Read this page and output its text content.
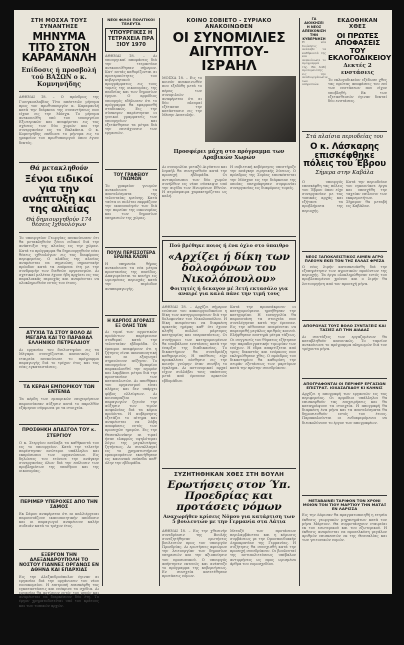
ΣΤΗ ΜΟΣΧΑ ΤΟΥΣ ΣΥΝΑΝΤΗΣΕ
ΜΗΝΥΜΑ ΤΙΤΟ ΣΤΟΝ ΚΑΡΑΜΑΝΛΗ
Επίδοσις ή προσβολή τού ΒΑΣΩΝ ο κ. Κομνηνήδης

ΑΘΗΝΑΙ 18. – Ο πρόεδρος της Γιουγκοσλαβίας Τίτο απέστειλε μήνυμα προς τον πρωθυπουργόν κ. Καραμανλή κατά την διάρκεια της συναντήσεως που είχαν εις την Μόσχα. Το μήνυμα ανεκοινώθη υπό του υπουργείου Εξωτερικών και αναφέρεται εις τας σχέσεις των δύο χωρών και την συνεργασίαν εις τα Βαλκάνια. Ο κ. Κομνηνήδης επέδωσε το μήνυμα εις το γραφείον του πρωθυπουργού όπου έγινε δεκτός.

Θά μετακληθούν
Ξένοι ειδικοί για την ανάπτυξη και της αλιείας
Θά δημιουργηθούν 174 θέσεις Ιχθυολόγων

Το υπουργείον Γεωργίας ανεκοίνωσεν ότι θα μετακληθούν ξένοι ειδικοί διά την ανάπτυξιν της αλιείας εις την χώραν. Κατά το πρόγραμμα θα δημιουργηθούν νέαι θέσεις ιχθυολόγων εις τας διαφόρους περιφερείας. Ο κλάδος της αλιείας αναμένεται να σημειώση σημαντικήν πρόοδον κατά τα επόμενα έτη με την συνδρομήν των διεθνών οργανισμών. Αι σχετικαί μελέται έχουν ήδη αρχίσει εις τας παραλιακάς περιοχάς και αναμένεται να ολοκληρωθούν εντός του έτους.

ΑΤΥΧΙΑ ΤΑ ΣΤΟΥ ΒΟΛΟ ΔΙ ΜΕΓΑΡΑ ΚΑΙ ΤΟ ΠΑΡΑΘΑΛ ΕΛΛΗΝΙΚΟ ΠΕΤΡΕΛΑΙΟΥ

Αι εργασίαι του διυλιστηρίου εις τα Μέγαρα συνεχίζονται κανονικώς. Η εταιρεία ανεκοίνωσε το πρόγραμμα παραγωγής διά το τρέχον έτος και τας νέας εγκαταστάσεις.

ΤΑ ΚΕΡΔΗ ΕΜΠΟΡΙΚΟΥ ΤΩΝ ΕΝΤΕΝΙΑ

Τα κέρδη των εμπορικών επιχειρήσεων παρουσίασαν αύξησιν κατά το παρελθόν εξάμηνον σύμφωνα με τα στοιχεία.

ΠΡΟΣΘΗΚΗ ΑΠΑΣΓΟΛ ΤΟΥ κ. ΣΤΕΡΓΙΟΥ

Ο κ. Στεργίου ανέλαβε τα καθήκοντά του εις το υπουργείον. Κατά την τελετήν παρέστησαν ανώτεροι υπάλληλοι και εκπρόσωποι των οργανώσεων. Εις δηλώσεις του ετόνισε την ανάγκην συνεργασίας όλων διά την επίλυσιν των προβλημάτων της υπαίθρου και της οικονομίας.

ΠΕΡΙΜΕΡ ΥΠΕΡΟΧΕΣ ΑΠΟ ΤΗΝ ΣΑΜΟΣ

Εκ Σάμου αναφέρεται ότι αι καλλιέργειαι παρουσιάζουν ικανοποιητικήν απόδοσιν και οι παραγωγοί αναμένουν καλήν σοδειάν κατά το τρέχον έτος.

ΕΞΕΡΓΟΝ ΤΗΝ ΑΛΕΞΑΝΔΡΟΥΠΟΛΗ ΤΟ ΝΟΣΤΟΥ ΓΙΑΝΝΕΣ ΟΡΓΑΝΩΣ ΕΝ ΑΘΗΝΑ ΚΑΙ ΕΠΑΡΧΙΑΣ

Εις την Αλεξανδρούπολιν έγιναν αι εργασίαι διά την οργάνωσιν του νέου νοσοκομείου. Η επιτροπή επεσκέφθη τας εγκαταστάσεις και ενέκρινε τα σχέδια. Αι εργασίαι θα αρχίσουν εντός του μηνός και αναμένεται να διαρκέσουν δύο έτη. Το έργον χρηματοδοτείται υπό του κράτους και των τοπικών αρχών.

ΝΕΟΙ ΦΙΛΟΙ ΠΟΛΙΤΙΚΟΙ ΤΕΛΕΥΤΑ
ΥΠΟΥΡΓΙΚΕΣ Η ΤΕΤΡΑΧΕΙΑ ΠΡΑ ΞΙΟΥ 1970

ΑΘΗΝΑΙ 18. – Αι υπουργικαί αποφάσεις διά την τετραετίαν ανεκοινώθησαν σήμερον. Κατ' αυτάς καθορίζονται αι προτεραιότητες του κυβερνητικού προγράμματος εις τους τομείς της οικονομίας, της παιδείας και των δημοσίων έργων. Ο αρμόδιος υπουργός εδήλωσεν ότι το πρόγραμμα θα εφαρμοσθή σταδιακώς. Εις την σύσκεψιν παρέστησαν οι γενικοί γραμματείς των υπουργείων και εξετάσθησαν τα μέτρα διά την επιτάχυνσιν των εργασιών.

ΤΟΥ ΓΡΑΦΕΙΟΥ ΓΝΩΜΩΝ

Το γραφείον γνωμών ανεκοίνωσε τα αποτελέσματα της τελευταίας ερεύνης. Κατά ταύτα οι πολίται εκφράζουν την ικανοποίησίν των διά την πορείαν της οικονομίας και των δημοσίων υπηρεσιών της χώρας.

ΠΟΥΛΙ ΠΕΡΙΣΣΟΤΕΡΑ ΕΡΑΙΝΑ ΚΛΩΝΙ

Η υπηρεσία θήρας ανεκοίνωσε τα νέα μέτρα προστασίας της πανίδος. Απαγορεύεται το κυνήγι εις ωρισμένας περιοχάς κατά την περίοδον αναπαραγωγής.

Η ΚΑΡΠΟΣ ΑΓΟΡΑΣΣ ΕΞ ΟΛΗΣ ΤΩΝ

Αι τιμαί των αγροτικών προϊόντων παρέμειναν σταθεραί κατά την τελευταίαν εβδομάδα. Οι έμποροι αναφέρουν ότι η ζήτησις είναι ικανοποιητική και αι εξαγωγαί σημειώνουν αύξησιν. Το υπουργείον Εμπορίου παρακολουθεί την αγοράν και λαμβάνει μέτρα διά την προστασίαν των καταναλωτών. Αι αποθήκαι του οργανισμού είναι πλήρεις και δεν υπάρχει φόβος ελλείψεων. Αι κοινοπραξίαι των παραγωγών ζητούν την αύξησιν των τιμών ασφαλείας διά τα κύρια προϊόντα. Η κυβέρνησις εξετάζει το αίτημα και αναμένεται να λάβη αποφάσεις εντός των προσεχών ημερών. Εις την Θεσσαλονίκην αι τιμαί ήσαν ελαφρώς υψηλότεραι λόγω της μεγαλυτέρας ζητήσεως. Αι συναλλαγαί εις το χρηματιστήριον εμπορευμάτων εκινήθησαν εις κανονικά επίπεδα καθ' όλην την εβδομάδα.

ΚΟΙΝΟ ΣΟΒΙΕΤΟ - ΣΥΡΙΑΚΟ ΑΝΑΚΟΙΝΩΘΕΝ
ΟΙ ΣΥΝΟΜΙΛΙΕΣ ΑΙΓΥΠΤΟΥ-ΙΣΡΑΗΛ

ΜΟΣΧΑ 18. – Εις το κοινόν ανακοινωθέν που εξεδόθη μετά το πέρας των συνομιλιών αναφέρεται ότι αι δύο πλευραί εξέτασαν την κατάστασιν εις την Μέσην Ανατολήν.

Προσφέρει μάχη στο πρόγραμμα των Αραβικών Χωρών

Αι συνομιλίαι μεταξύ Αιγύπτου και Ισραήλ θα συνεχισθούν κατά την προσεχή εβδομάδα. Οι αντιπρόσωποι των δύο χωρών συνήλθον εις νέαν σύσκεψιν υπό την αιγίδα των Ηνωμένων Εθνών. Η ατμόσφαιρα χαρακτηρίζεται ως καλή.

Η σοβιετική κυβέρνησις υπεστήριξε την ανάγκην ειρηνικής λύσεως. Ο πρόεδρος της Συρίας επισκέπτεται την Μόσχαν εις την διάρκειαν της οποίας υπεγράφησαν συμφωνίαι συνεργασίας εις διαφόρους τομείς.

Πού βρέθηκε ποιος ή ένα όχλο στο ύπαιθρο
«Αρχίζει ή δίκη των δολοφόνων του Νικολόπουλου»
Φοιτητές ή δεκαγον μέ 3ετή εκτασάλο για αναιρέ για καλά πάνε την τιμή τους

ΑΘΗΝΑΙ 18. – Αρχίζει σήμερον ενώπιον του κακουργιοδικείου η δίκη των κατηγορουμένων διά την δολοφονίαν του Νικολοπούλου. Η δίκη αναμένεται να διαρκέση αρκετάς ημέρας καθ' ότι έχουν κληθή πολλοί μάρτυρες κατηγορίας και υπερασπίσεως. Οι συνήγοροι των κατηγορουμένων θα υποβάλουν ενστάσεις κατά την έναρξιν της διαδικασίας. Το δικαστήριον θα συνεδριάζη καθημερινώς. Η υπόθεσις είχε προκαλέσει αίσθησιν εις την κοινήν γνώμην όταν συνέβη το έγκλημα. Αι αστυνομικαί αρχαί είχον συλλάβει τους υπόπτους μετά από έρευναν αρκετών εβδομάδων.

Κατά την προανάκρισιν οι κατηγορούμενοι ηρνήθησαν την κατηγορίαν. Η εισαγγελία θα παρουσιάση τα στοιχεία που συνελέγησαν κατά την έρευναν. Εις την αίθουσαν αναμένεται να παρευρεθή μεγάλος αριθμός κοινού. Ελήφθησαν αυστηρά μέτρα τάξεως. Οι συγγενείς του θύματος εζήτησαν την παραδειγματικήν τιμωρίαν των ενόχων. Η έδρα απαρτίζεται από τρεις δικαστάς και ενόρκους που εκληρώθησαν χθες. Ο πρόεδρος του δικαστηρίου θα καθορίση την σειράν εξετάσεως των μαρτύρων κατά την πρώτην συνεδρίασιν.

ΣΥΖΗΤΗΘΗΚΑΝ ΧΘΕΣ ΣΤΗ ΒΟΥΛΗ
Ερωτήσεις στον Ύπ. Προεδρίας και προτάσεις νόμων
Αναχωρήθεν κρίσεις Νόμου για κατάρτιση των 5 βουλευτών με την Γερμανία στα Λάτια

ΑΘΗΝΑΙ 18. – Εις την χθεσινήν συνεδρίασιν της Βουλής συνεζητήθησαν ερωτήσεις βουλευτών προς τον υπουργόν Προεδρίας. Αι ερωτήσεις αφεώρων την λειτουργίαν των δημοσίων υπηρεσιών και την αξιοποίησιν του προσωπικού. Ο υπουργός απήντησεν εκτενώς και ανέπτυξε το πρόγραμμα της κυβερνήσεως. Εν συνεχεία κατετέθησαν προτάσεις νόμων.

Μεταξύ των προτάσεων περιλαμβάνεται και η κύρωσις συμβάσεως με την Ομοσπονδιακήν Δημοκρατίαν της Γερμανίας. Η συζήτησις θα συνεχισθή κατά την προσεχή συνεδρίασιν. Οι βουλευταί της αντιπολιτεύσεως υπέβαλον αντιρρήσεις ως προς ωρισμένα άρθρα του νομοσχεδίου.

ΓΑ ΔΙΟΙΚΗΣΕΙ
Η ΝΕΟΣ ΑΠΕΙΚΟΝΙΣΗ ΤΗΝ ΚΥΒΕΡΝΗΣΗ

Η νέα διοίκησις ανέλαβε τα καθήκοντά της και ανεκοίνωσε το πρόγραμμά της. Θα δοθή προτεραιότης εις την αναδιοργάνωσιν των υπηρεσιών.

ΕΚΔΟΘΗΚΑΝ ΧΘΕΣ
ΟΙ ΠΡΩΤΕΣ ΑΠΟΦΑΣΕΙΣ ΤΟΥ ΕΚΛΟΓΟΔΙΚΕΙΟΥ
Δεκτές 2 ενστάσεις

Το εκλογοδικείον εξέδωσε χθες τας πρώτας αποφάσεις του επί των ενστάσεων που είχον υποβληθή. Εκ των εξετασθεισών έγιναν δεκταί δύο ενστάσεις.

Στά πλαίσια περιοδείας του
Ο κ. Λάσκαρης επισκέφθηκε πόλεις του Έβρου
Σήμερα στην Καβάλα

Ο υπουργός επεσκέφθη τας πόλεις του Έβρου όπου είχε συνεργασίαν με τας τοπικάς αρχάς και εξήτασε τα προβλήματα της περιοχής.

Κατά την περιοδείαν του εγκαινίασε έργα και υπεσχέθη την ταχείαν επίλυσιν των εκκρεμοτήτων. Σήμερον θα μεταβή εις Καβάλαν.

ΝΕΟΣ ΞΑΠΟΚΛΕΙΣΤΙΚΟΣ ΛΙΜΕΝ ΑΓΡΟ ΠΛΕΟΥΝ ΕΚΕΙ ΤΟΝ ΤΗΣ ΕΛΛΑΣ ΦΡΕΖΑ

Ο νέος λιμήν κατεσκευάσθη διά την εξυπηρέτησιν των αγροτικών προϊόντων της περιοχής. Τα έργα ολοκληρώθησαν εντός του προβλεπομένου χρόνου και ο λιμήν θα λειτουργήση από τον προσεχή μήνα.

ΑΠΟΡΩΥΑΣ ΤΟΥΣ ΒΟΛΟ ΣΥΝΤΑΞΕΙΣ ΚΑΙ ΤΑΣΙΕΣ ΑΠ ΤΗΝ ΔΙΑΔΑΣ

Αι συντάξεις των εργαζομένων θα καταβληθούν κανονικώς. Το ταμείον ανεκοίνωσε το πρόγραμμα πληρωμών διά τον τρέχοντα μήνα.

ΑΠΟΓΡΑΦΟΝΤΑΙ ΟΙ ΠΕΡΙΦΕΡ ΕΡΓΑΣΙΩΝ ΕΠΙΣΤΡΑΤ. ΙΟΧΑΣΑΠΙΔΟΥ ΚΙ ΚΛΗΝΙΣ

Αρχίζει η απογραφή των εργασιών εις τας περιφερείας. Οι αρμόδιοι υπάλληλοι θα επισκεφθούν τας επιχειρήσεις και θα καταγράψουν τα στοιχεία. Η απογραφή θα διαρκέση ένα μήνα και τα αποτελέσματα θα δημοσιευθούν εντός του έτους. Παρακαλούνται οι ενδιαφερόμενοι να διευκολύνουν το έργον των απογραφέων.

ΜΕΤΑΒΑΙΝΕΙ ΤΑΡΙΦΟΝ ΤΟΝ ΧΡΟΝΙ ΜΟΙΟΝ ΤΟΝ ΤΙΟΥ ΜΑΡΤΙΟΥ ΤΗΝ ΜΑΤΑΞ ΕΝ ΛΑΡΙΣΣΑ

Εις την Λάρισαν θα πραγματοποιηθή η ετησία έκθεσις γεωργικών μηχανημάτων κατά τον μήνα Μάρτιον. Θα συμμετάσχουν εταιρείαι εκ του εσωτερικού και του εξωτερικού. Η έκθεσις αναμένεται να προσελκύση μεγάλον αριθμόν επισκεπτών εκ της Θεσσαλίας και των γειτονικών νομών.
